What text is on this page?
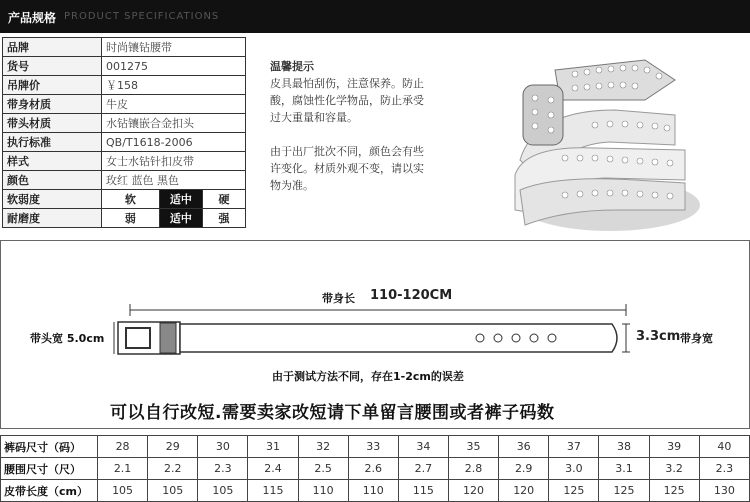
产品规格 PRODUCT SPECIFICATIONS
品牌	时尚镶钻腰带		
货号	001275		
吊牌价	￥158		
带身材质	牛皮		
带头材质	水钻镶嵌合金扣头		
执行标准	QB/T1618-2006		
样式	女士水钻针扣皮带		
颜色	玫红 蓝色 黑色		
软弱度	软	适中	硬
耐磨度	弱	适中	强
温馨提示
皮具最怕刮伤，注意保养。防止
酸，腐蚀性化学物品，防止承受
过大重量和容量。
由于出厂批次不同，颜色会有些
许变化。材质外观不变，请以实
物为准。
带身长 110-120CM
带头宽 5.0cm	3.3cm 带身宽
由于测试方法不同，存在1-2cm的误差
可以自行改短.需要卖家改短请下单留言腰围或者裤子码数
裤码尺寸（码）	28	29	30	31	32	33	34	35	36	37	38	39	40
腰围尺寸（尺）	2.1	2.2	2.3	2.4	2.5	2.6	2.7	2.8	2.9	3.0	3.1	3.2	2.3
皮带长度（cm）	105	105	105	115	110	110	115	120	120	125	125	125	130
